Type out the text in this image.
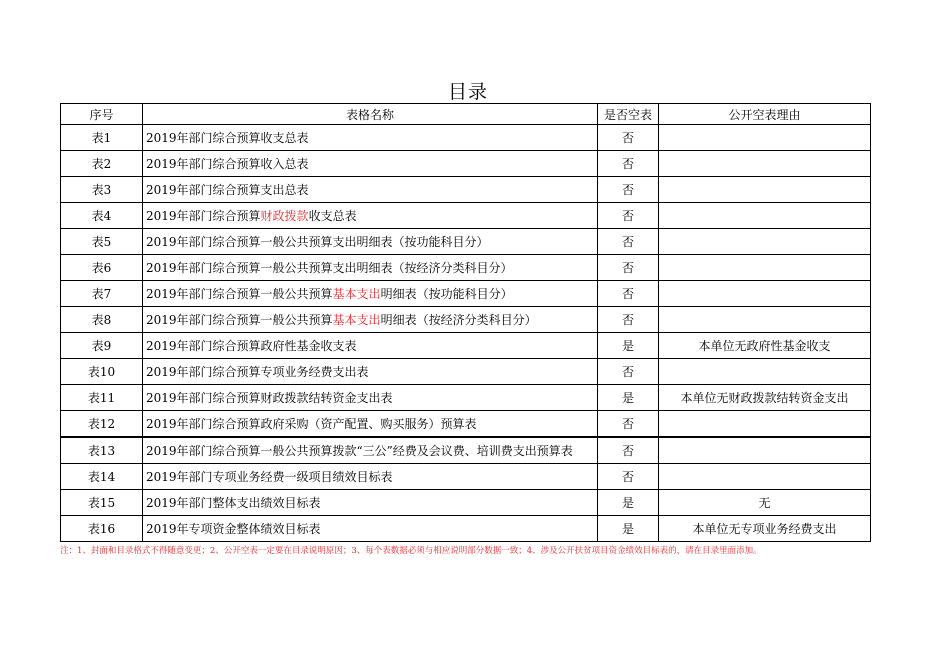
目录
序号	表格名称	是否空表	公开空表理由
表1	2019年部门综合预算收支总表	否	
表2	2019年部门综合预算收入总表	否	
表3	2019年部门综合预算支出总表	否	
表4	2019年部门综合预算财政拨款收支总表	否	
表5	2019年部门综合预算一般公共预算支出明细表（按功能科目分）	否	
表6	2019年部门综合预算一般公共预算支出明细表（按经济分类科目分）	否	
表7	2019年部门综合预算一般公共预算基本支出明细表（按功能科目分）	否	
表8	2019年部门综合预算一般公共预算基本支出明细表（按经济分类科目分）	否	
表9	2019年部门综合预算政府性基金收支表	是	本单位无政府性基金收支
表10	2019年部门综合预算专项业务经费支出表	否	
表11	2019年部门综合预算财政拨款结转资金支出表	是	本单位无财政拨款结转资金支出
表12	2019年部门综合预算政府采购（资产配置、购买服务）预算表	否	
表13	2019年部门综合预算一般公共预算拨款“三公”经费及会议费、培训费支出预算表	否	
表14	2019年部门专项业务经费一级项目绩效目标表	否	
表15	2019年部门整体支出绩效目标表	是	无
表16	2019年专项资金整体绩效目标表	是	本单位无专项业务经费支出
注：1、封面和目录格式不得随意变更；2、公开空表一定要在目录说明原因；3、每个表数据必须与相应说明部分数据一致；4、涉及公开扶贫项目资金绩效目标表的，请在目录里面添加。
